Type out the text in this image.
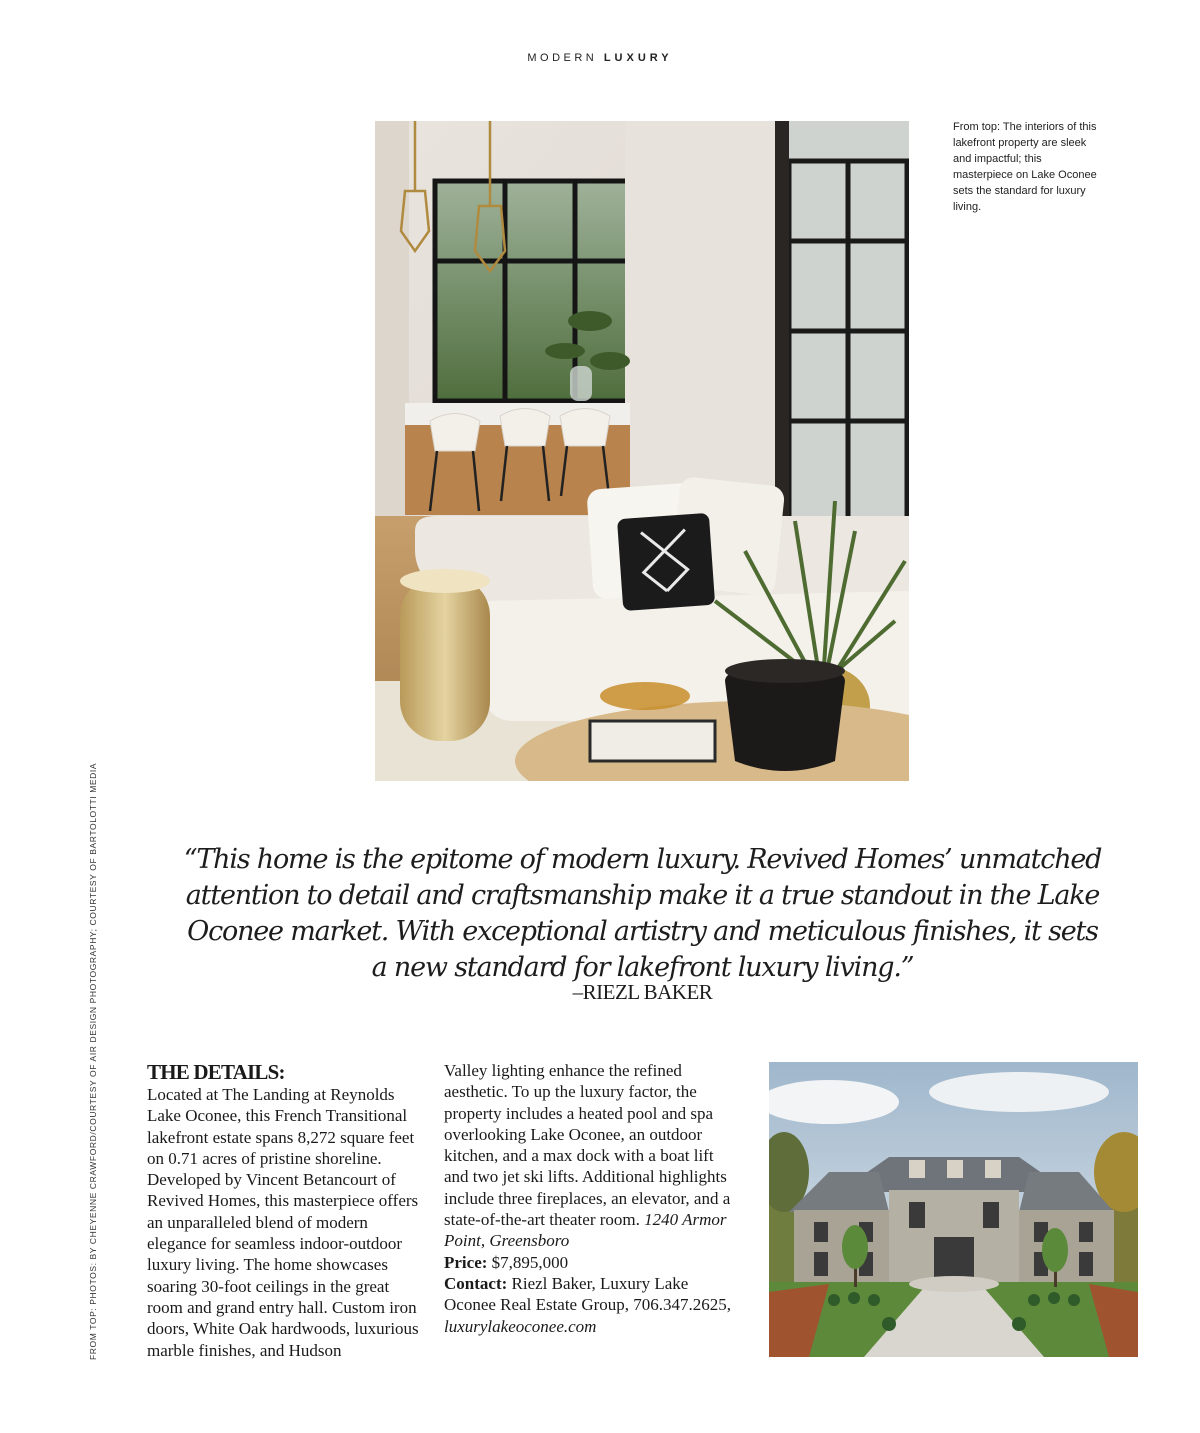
MODERN LUXURY
From top: The interiors of this lakefront property are sleek and impactful; this masterpiece on Lake Oconee sets the standard for luxury living.
FROM TOP: PHOTOS: BY CHEYENNE CRAWFORD/COURTESY OF AIR DESIGN PHOTOGRAPHY; COURTESY OF BARTOLOTTI MEDIA	“This home is the epitome of modern luxury. Revived Homes’ unmatched attention to detail and craftsmanship make it a true standout in the Lake Oconee market. With exceptional artistry and meticulous finishes, it sets a new standard for lakefront luxury living.”
–RIEZL BAKER
THE DETAILS:
Located at The Landing at Reynolds Lake Oconee, this French Transitional lakefront estate spans 8,272 square feet on 0.71 acres of pristine shoreline. Developed by Vincent Betancourt of Revived Homes, this masterpiece offers an unparalleled blend of modern elegance for seamless indoor-outdoor luxury living. The home showcases soaring 30-foot ceilings in the great room and grand entry hall. Custom iron doors, White Oak hardwoods, luxurious marble finishes, and Hudson

Valley lighting enhance the refined aesthetic. To up the luxury factor, the property includes a heated pool and spa overlooking Lake Oconee, an outdoor kitchen, and a max dock with a boat lift and two jet ski lifts. Additional highlights include three fireplaces, an elevator, and a state-of-the-art theater room. 1240 Armor Point, Greensboro

Price: $7,895,000

Contact: Riezl Baker, Luxury Lake Oconee Real Estate Group, 706.347.2625, luxurylakeoconee.com
